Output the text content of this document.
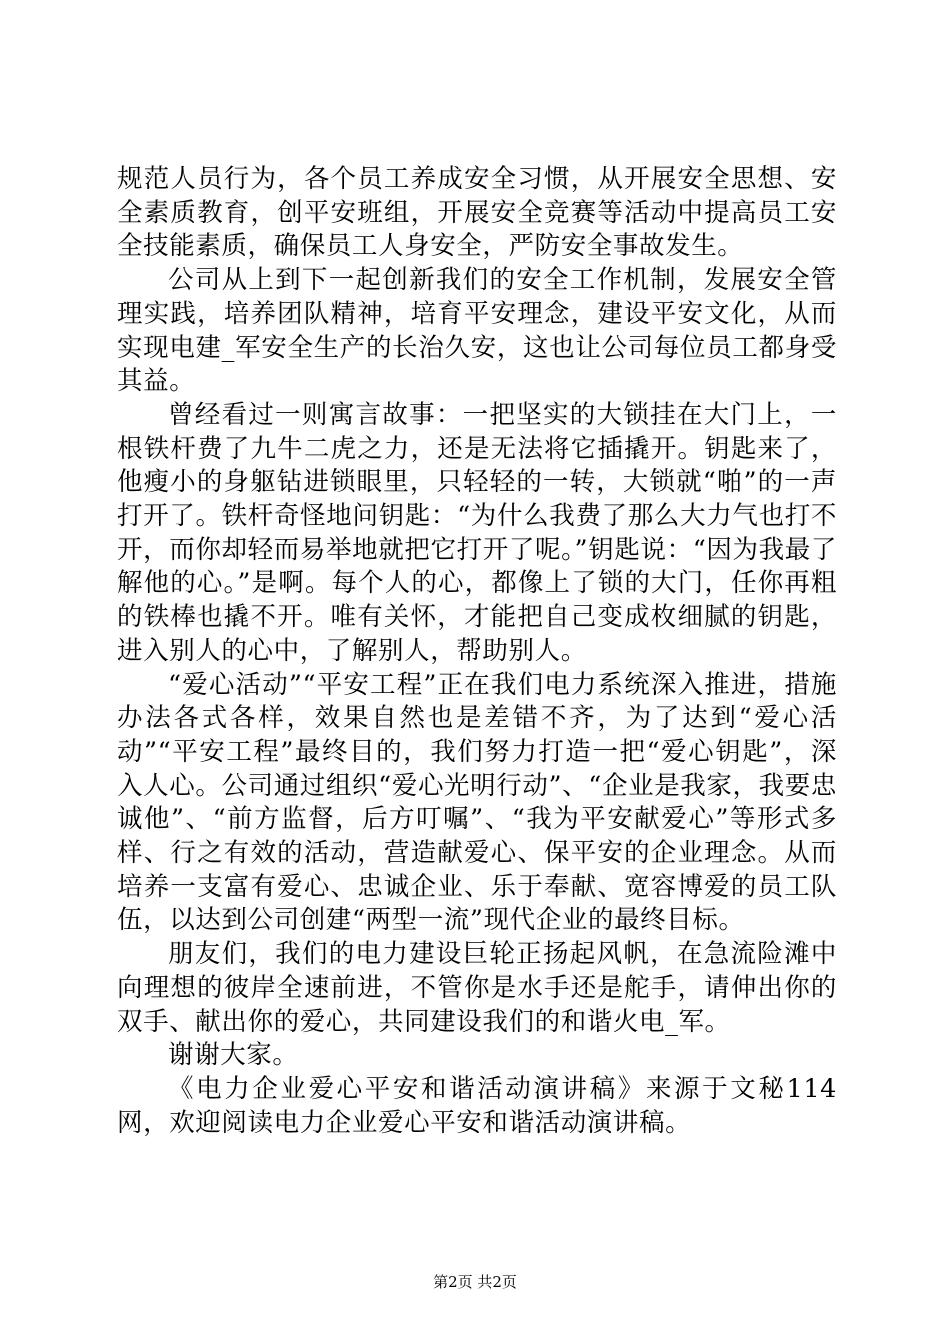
规范人员行为，各个员工养成安全习惯，从开展安全思想、安全素质教育，创平安班组，开展安全竞赛等活动中提高员工安全技能素质，确保员工人身安全，严防安全事故发生。

公司从上到下一起创新我们的安全工作机制，发展安全管理实践，培养团队精神，培育平安理念，建设平安文化，从而实现电建_军安全生产的长治久安，这也让公司每位员工都身受其益。

曾经看过一则寓言故事：一把坚实的大锁挂在大门上，一根铁杆费了九牛二虎之力，还是无法将它插撬开。钥匙来了，他瘦小的身躯钻进锁眼里，只轻轻的一转，大锁就“啪”的一声打开了。铁杆奇怪地问钥匙：“为什么我费了那么大力气也打不开，而你却轻而易举地就把它打开了呢。”钥匙说：“因为我最了解他的心。”是啊。每个人的心，都像上了锁的大门，任你再粗的铁棒也撬不开。唯有关怀，才能把自己变成枚细腻的钥匙，进入别人的心中，了解别人，帮助别人。

“爱心活动”“平安工程”正在我们电力系统深入推进，措施办法各式各样，效果自然也是差错不齐，为了达到“爱心活动”“平安工程”最终目的，我们努力打造一把“爱心钥匙”，深入人心。公司通过组织“爱心光明行动”、“企业是我家，我要忠诚他”、“前方监督，后方叮嘱”、“我为平安献爱心”等形式多样、行之有效的活动，营造献爱心、保平安的企业理念。从而培养一支富有爱心、忠诚企业、乐于奉献、宽容博爱的员工队伍，以达到公司创建“两型一流”现代企业的最终目标。

朋友们，我们的电力建设巨轮正扬起风帆，在急流险滩中向理想的彼岸全速前进，不管你是水手还是舵手，请伸出你的双手、献出你的爱心，共同建设我们的和谐火电_军。

谢谢大家。

《电力企业爱心平安和谐活动演讲稿》来源于文秘114网，欢迎阅读电力企业爱心平安和谐活动演讲稿。

第2页 共2页
